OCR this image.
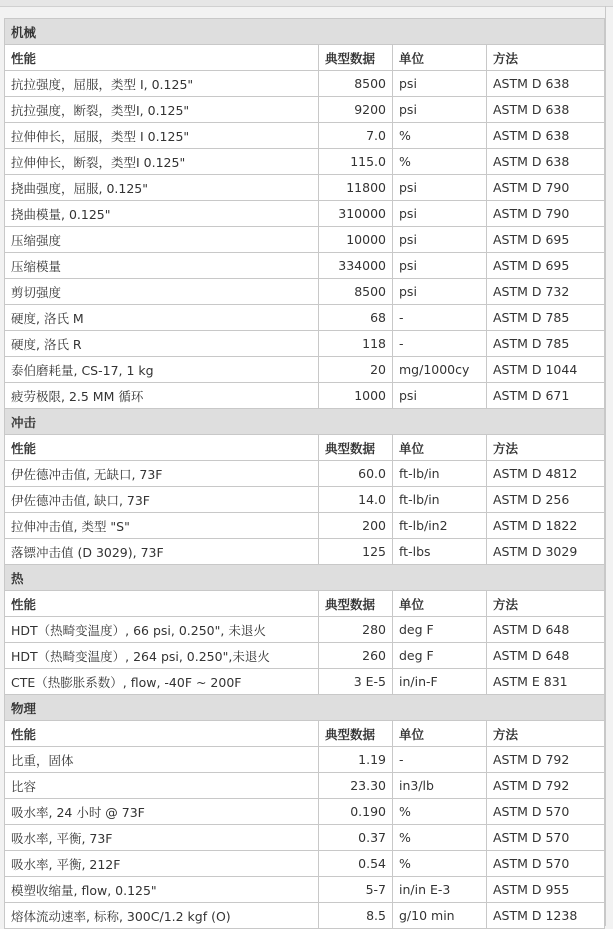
机械			
性能	典型数据	单位	方法
抗拉强度，屈服，类型 I, 0.125"	8500	psi	ASTM D 638
抗拉强度，断裂，类型I, 0.125"	9200	psi	ASTM D 638
拉伸伸长，屈服，类型 I 0.125"	7.0	%	ASTM D 638
拉伸伸长，断裂，类型I 0.125"	115.0	%	ASTM D 638
挠曲强度，屈服, 0.125"	11800	psi	ASTM D 790
挠曲模量, 0.125"	310000	psi	ASTM D 790
压缩强度	10000	psi	ASTM D 695
压缩模量	334000	psi	ASTM D 695
剪切强度	8500	psi	ASTM D 732
硬度, 洛氏 M	68	-	ASTM D 785
硬度, 洛氏 R	118	-	ASTM D 785
泰伯磨耗量, CS-17, 1 kg	20	mg/1000cy	ASTM D 1044
疲劳极限, 2.5 MM 循环	1000	psi	ASTM D 671
冲击			
性能	典型数据	单位	方法
伊佐德冲击值, 无缺口, 73F	60.0	ft-lb/in	ASTM D 4812
伊佐德冲击值, 缺口, 73F	14.0	ft-lb/in	ASTM D 256
拉伸冲击值, 类型 "S"	200	ft-lb/in2	ASTM D 1822
落镖冲击值 (D 3029), 73F	125	ft-lbs	ASTM D 3029
热			
性能	典型数据	单位	方法
HDT（热畸变温度）, 66 psi, 0.250", 未退火	280	deg F	ASTM D 648
HDT（热畸变温度）, 264 psi, 0.250",未退火	260	deg F	ASTM D 648
CTE（热膨胀系数）, flow, -40F ~ 200F	3 E-5	in/in-F	ASTM E 831
物理			
性能	典型数据	单位	方法
比重，固体	1.19	-	ASTM D 792
比容	23.30	in3/lb	ASTM D 792
吸水率, 24 小时 @ 73F	0.190	%	ASTM D 570
吸水率, 平衡, 73F	0.37	%	ASTM D 570
吸水率, 平衡, 212F	0.54	%	ASTM D 570
模塑收缩量, flow, 0.125"	5-7	in/in E-3	ASTM D 955
熔体流动速率, 标称, 300C/1.2 kgf (O)	8.5	g/10 min	ASTM D 1238
